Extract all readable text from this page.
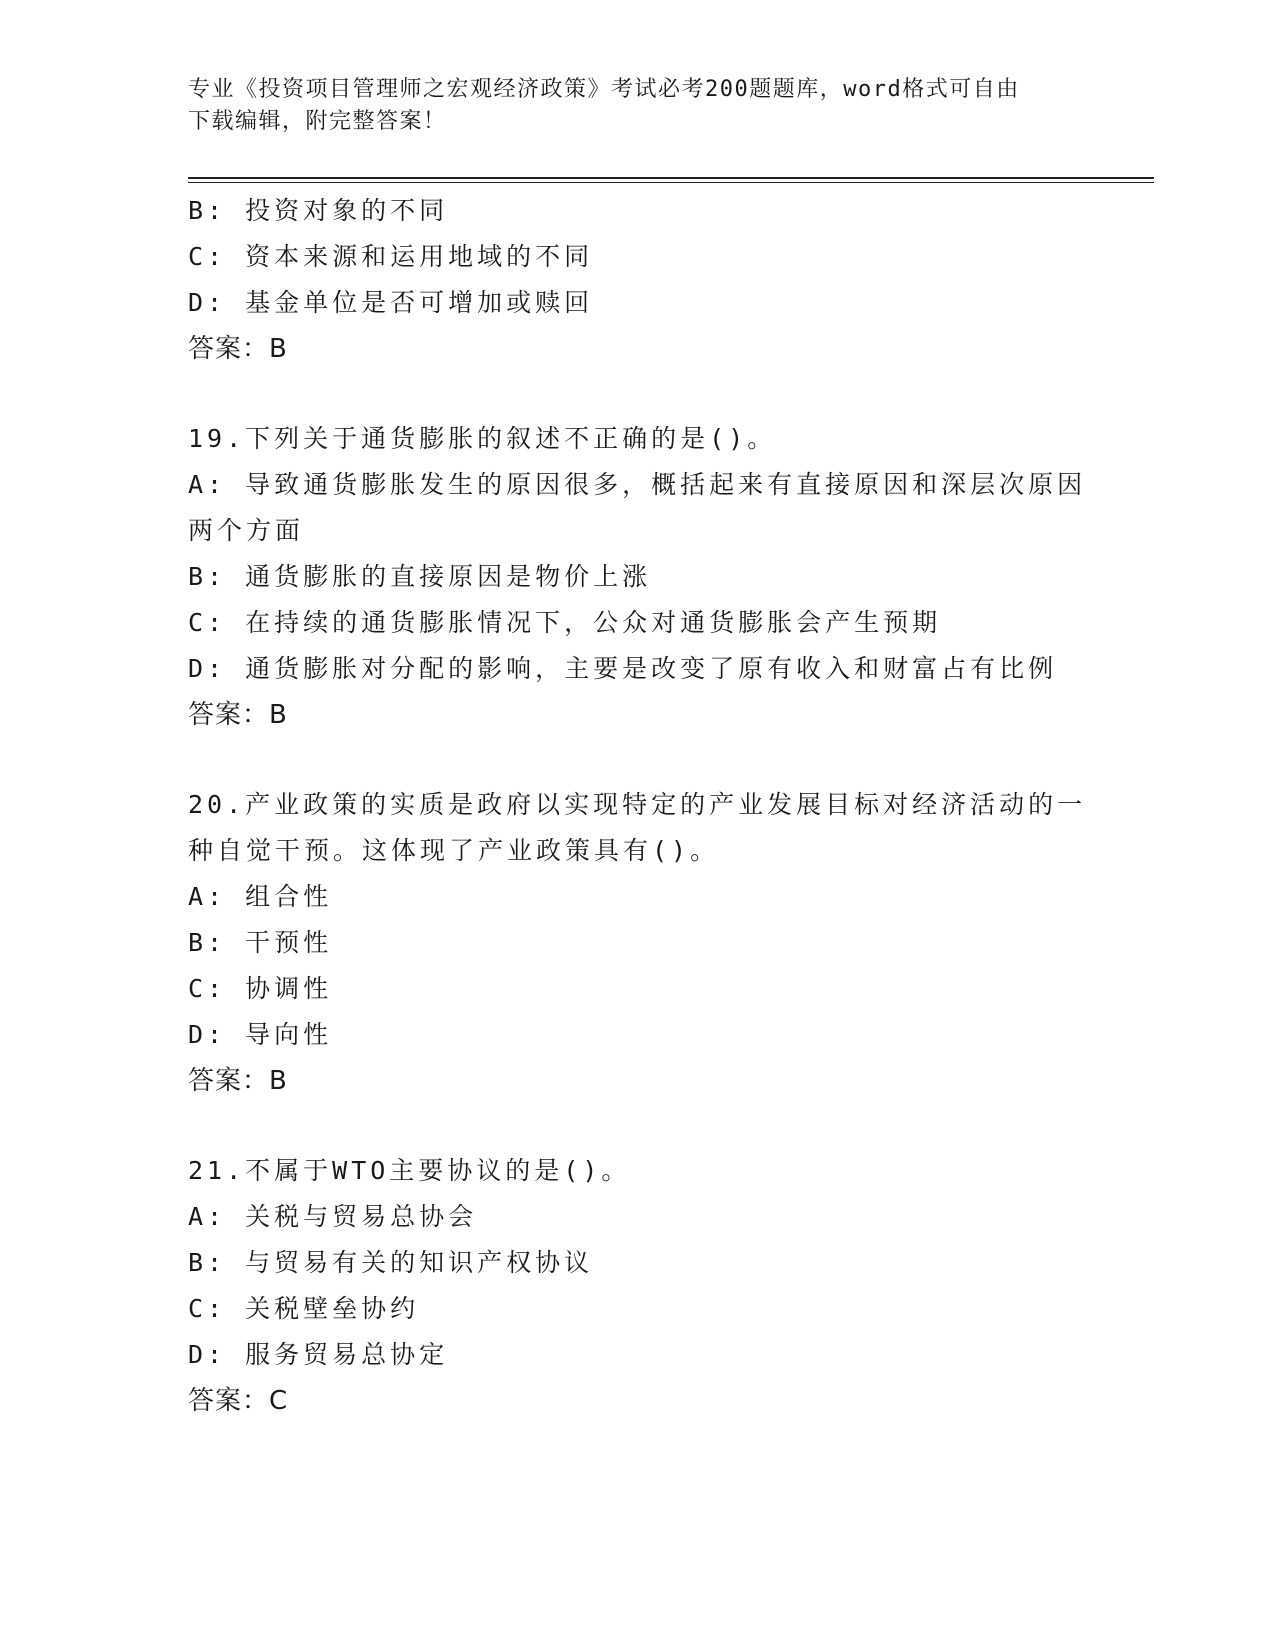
专业《投资项目管理师之宏观经济政策》考试必考200题题库，word格式可自由
下载编辑，附完整答案！
B: 投资对象的不同
C: 资本来源和运用地域的不同
D: 基金单位是否可增加或赎回
答案：B
19.下列关于通货膨胀的叙述不正确的是()。
A: 导致通货膨胀发生的原因很多，概括起来有直接原因和深层次原因
两个方面
B: 通货膨胀的直接原因是物价上涨
C: 在持续的通货膨胀情况下，公众对通货膨胀会产生预期
D: 通货膨胀对分配的影响，主要是改变了原有收入和财富占有比例
答案：B
20.产业政策的实质是政府以实现特定的产业发展目标对经济活动的一
种自觉干预。这体现了产业政策具有()。
A: 组合性
B: 干预性
C: 协调性
D: 导向性
答案：B
21.不属于WTO主要协议的是()。
A: 关税与贸易总协会
B: 与贸易有关的知识产权协议
C: 关税壁垒协约
D: 服务贸易总协定
答案：C
